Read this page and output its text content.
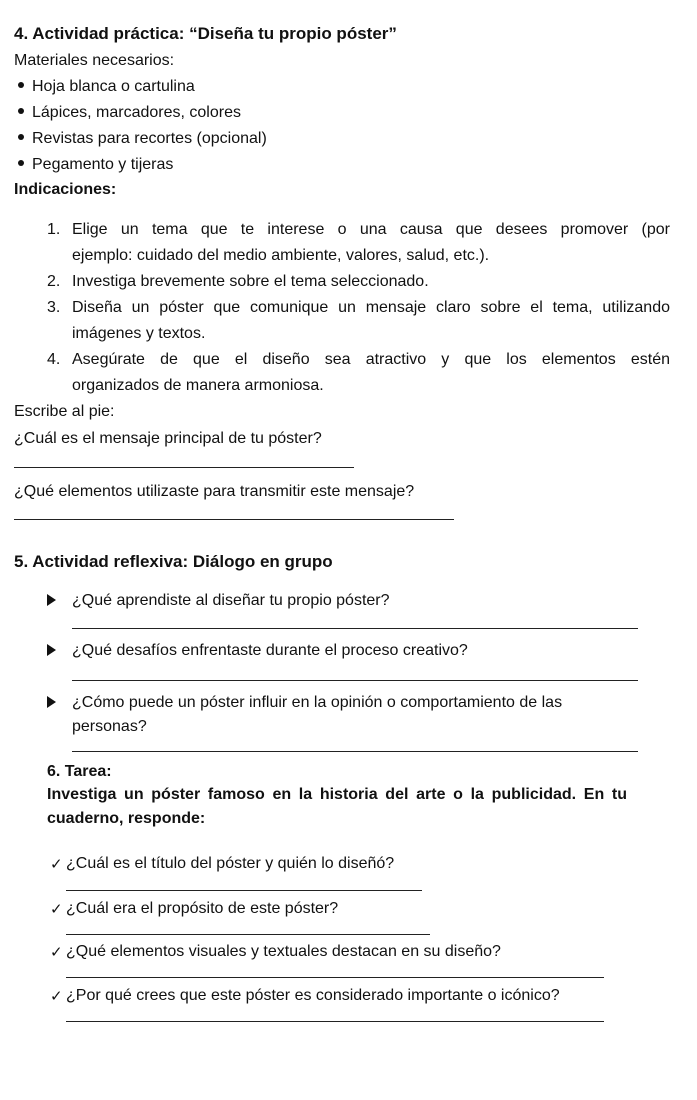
4. Actividad práctica: “Diseña tu propio póster”
Materiales necesarios:
Hoja blanca o cartulina
Lápices, marcadores, colores
Revistas para recortes (opcional)
Pegamento y tijeras
Indicaciones:
1. Elige un tema que te interese o una causa que desees promover (por
ejemplo: cuidado del medio ambiente, valores, salud, etc.).
2. Investiga brevemente sobre el tema seleccionado.
3. Diseña un póster que comunique un mensaje claro sobre el tema, utilizando
imágenes y textos.
4. Asegúrate de que el diseño sea atractivo y que los elementos estén
organizados de manera armoniosa.
Escribe al pie:
¿Cuál es el mensaje principal de tu póster?
¿Qué elementos utilizaste para transmitir este mensaje?
5. Actividad reflexiva: Diálogo en grupo
¿Qué aprendiste al diseñar tu propio póster?
¿Qué desafíos enfrentaste durante el proceso creativo?
¿Cómo puede un póster influir en la opinión o comportamiento de las
personas?
6. Tarea:
Investiga un póster famoso en la historia del arte o la publicidad. En tu
cuaderno, responde:
✓ ¿Cuál es el título del póster y quién lo diseñó?
✓ ¿Cuál era el propósito de este póster?
✓ ¿Qué elementos visuales y textuales destacan en su diseño?
✓ ¿Por qué crees que este póster es considerado importante o icónico?
